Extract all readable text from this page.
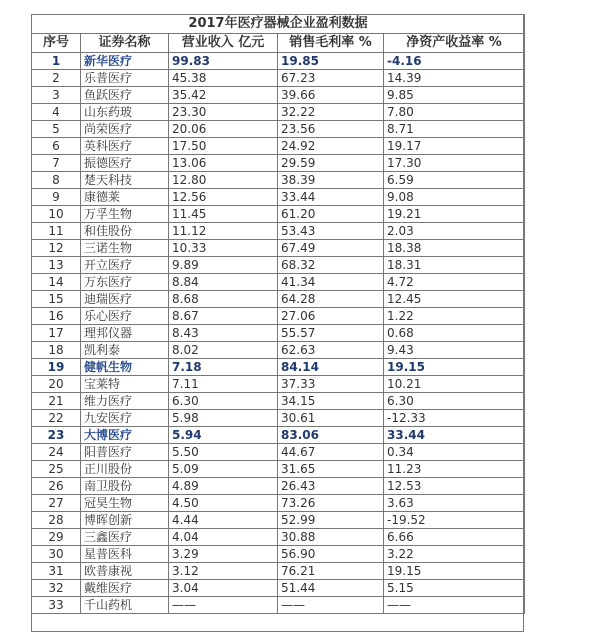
2017年医疗器械企业盈利数据				
序号	证券名称	营业收入 亿元	销售毛利率 %	净资产收益率 %
1	新华医疗	99.83	19.85	-4.16
2	乐普医疗	45.38	67.23	14.39
3	鱼跃医疗	35.42	39.66	9.85
4	山东药玻	23.30	32.22	7.80
5	尚荣医疗	20.06	23.56	8.71
6	英科医疗	17.50	24.92	19.17
7	振德医疗	13.06	29.59	17.30
8	楚天科技	12.80	38.39	6.59
9	康德莱	12.56	33.44	9.08
10	万孚生物	11.45	61.20	19.21
11	和佳股份	11.12	53.43	2.03
12	三诺生物	10.33	67.49	18.38
13	开立医疗	9.89	68.32	18.31
14	万东医疗	8.84	41.34	4.72
15	迪瑞医疗	8.68	64.28	12.45
16	乐心医疗	8.67	27.06	1.22
17	理邦仪器	8.43	55.57	0.68
18	凯利泰	8.02	62.63	9.43
19	健帆生物	7.18	84.14	19.15
20	宝莱特	7.11	37.33	10.21
21	维力医疗	6.30	34.15	6.30
22	九安医疗	5.98	30.61	-12.33
23	大博医疗	5.94	83.06	33.44
24	阳普医疗	5.50	44.67	0.34
25	正川股份	5.09	31.65	11.23
26	南卫股份	4.89	26.43	12.53
27	冠昊生物	4.50	73.26	3.63
28	博晖创新	4.44	52.99	-19.52
29	三鑫医疗	4.04	30.88	6.66
30	星普医科	3.29	56.90	3.22
31	欧普康视	3.12	76.21	19.15
32	戴维医疗	3.04	51.44	5.15
33	千山药机	——	——	——
